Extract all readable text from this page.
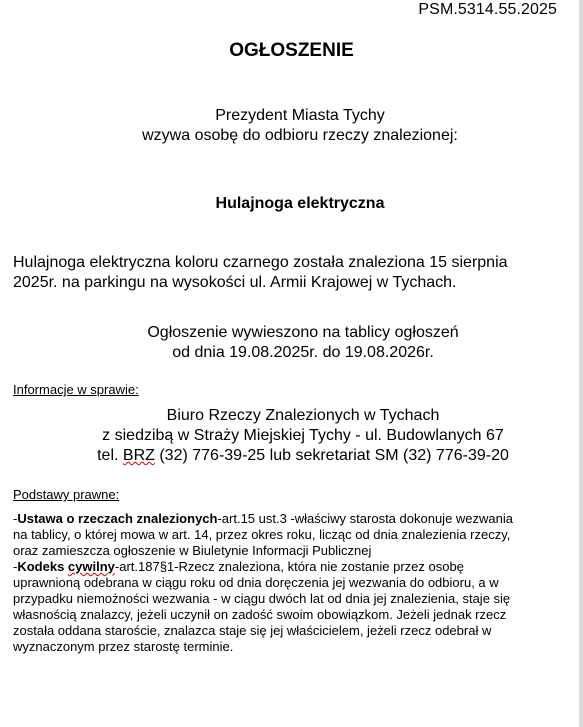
PSM.5314.55.2025
OGŁOSZENIE
Prezydent Miasta Tychy
wzywa osobę do odbioru rzeczy znalezionej:
Hulajnoga elektryczna
Hulajnoga elektryczna koloru czarnego została znaleziona 15 sierpnia
2025r. na parkingu na wysokości ul. Armii Krajowej w Tychach.
Ogłoszenie wywieszono na tablicy ogłoszeń
od dnia 19.08.2025r. do 19.08.2026r.
Informacje w sprawie:
Biuro Rzeczy Znalezionych w Tychach
z siedzibą w Straży Miejskiej Tychy - ul. Budowlanych 67
tel. BRZ (32) 776-39-25 lub sekretariat SM (32) 776-39-20
Podstawy prawne:

-Ustawa o rzeczach znalezionych-art.15 ust.3 -właściwy starosta dokonuje wezwania
na tablicy, o której mowa w art. 14, przez okres roku, licząc od dnia znalezienia rzeczy,
oraz zamieszcza ogłoszenie w Biuletynie Informacji Publicznej

-Kodeks cywilny-art.187§1-Rzecz znaleziona, która nie zostanie przez osobę
uprawnioną odebrana w ciągu roku od dnia doręczenia jej wezwania do odbioru, a w
przypadku niemożności wezwania - w ciągu dwóch lat od dnia jej znalezienia, staje się
własnością znalazcy, jeżeli uczynił on zadość swoim obowiązkom. Jeżeli jednak rzecz
została oddana staroście, znalazca staje się jej właścicielem, jeżeli rzecz odebrał w
wyznaczonym przez starostę terminie.
